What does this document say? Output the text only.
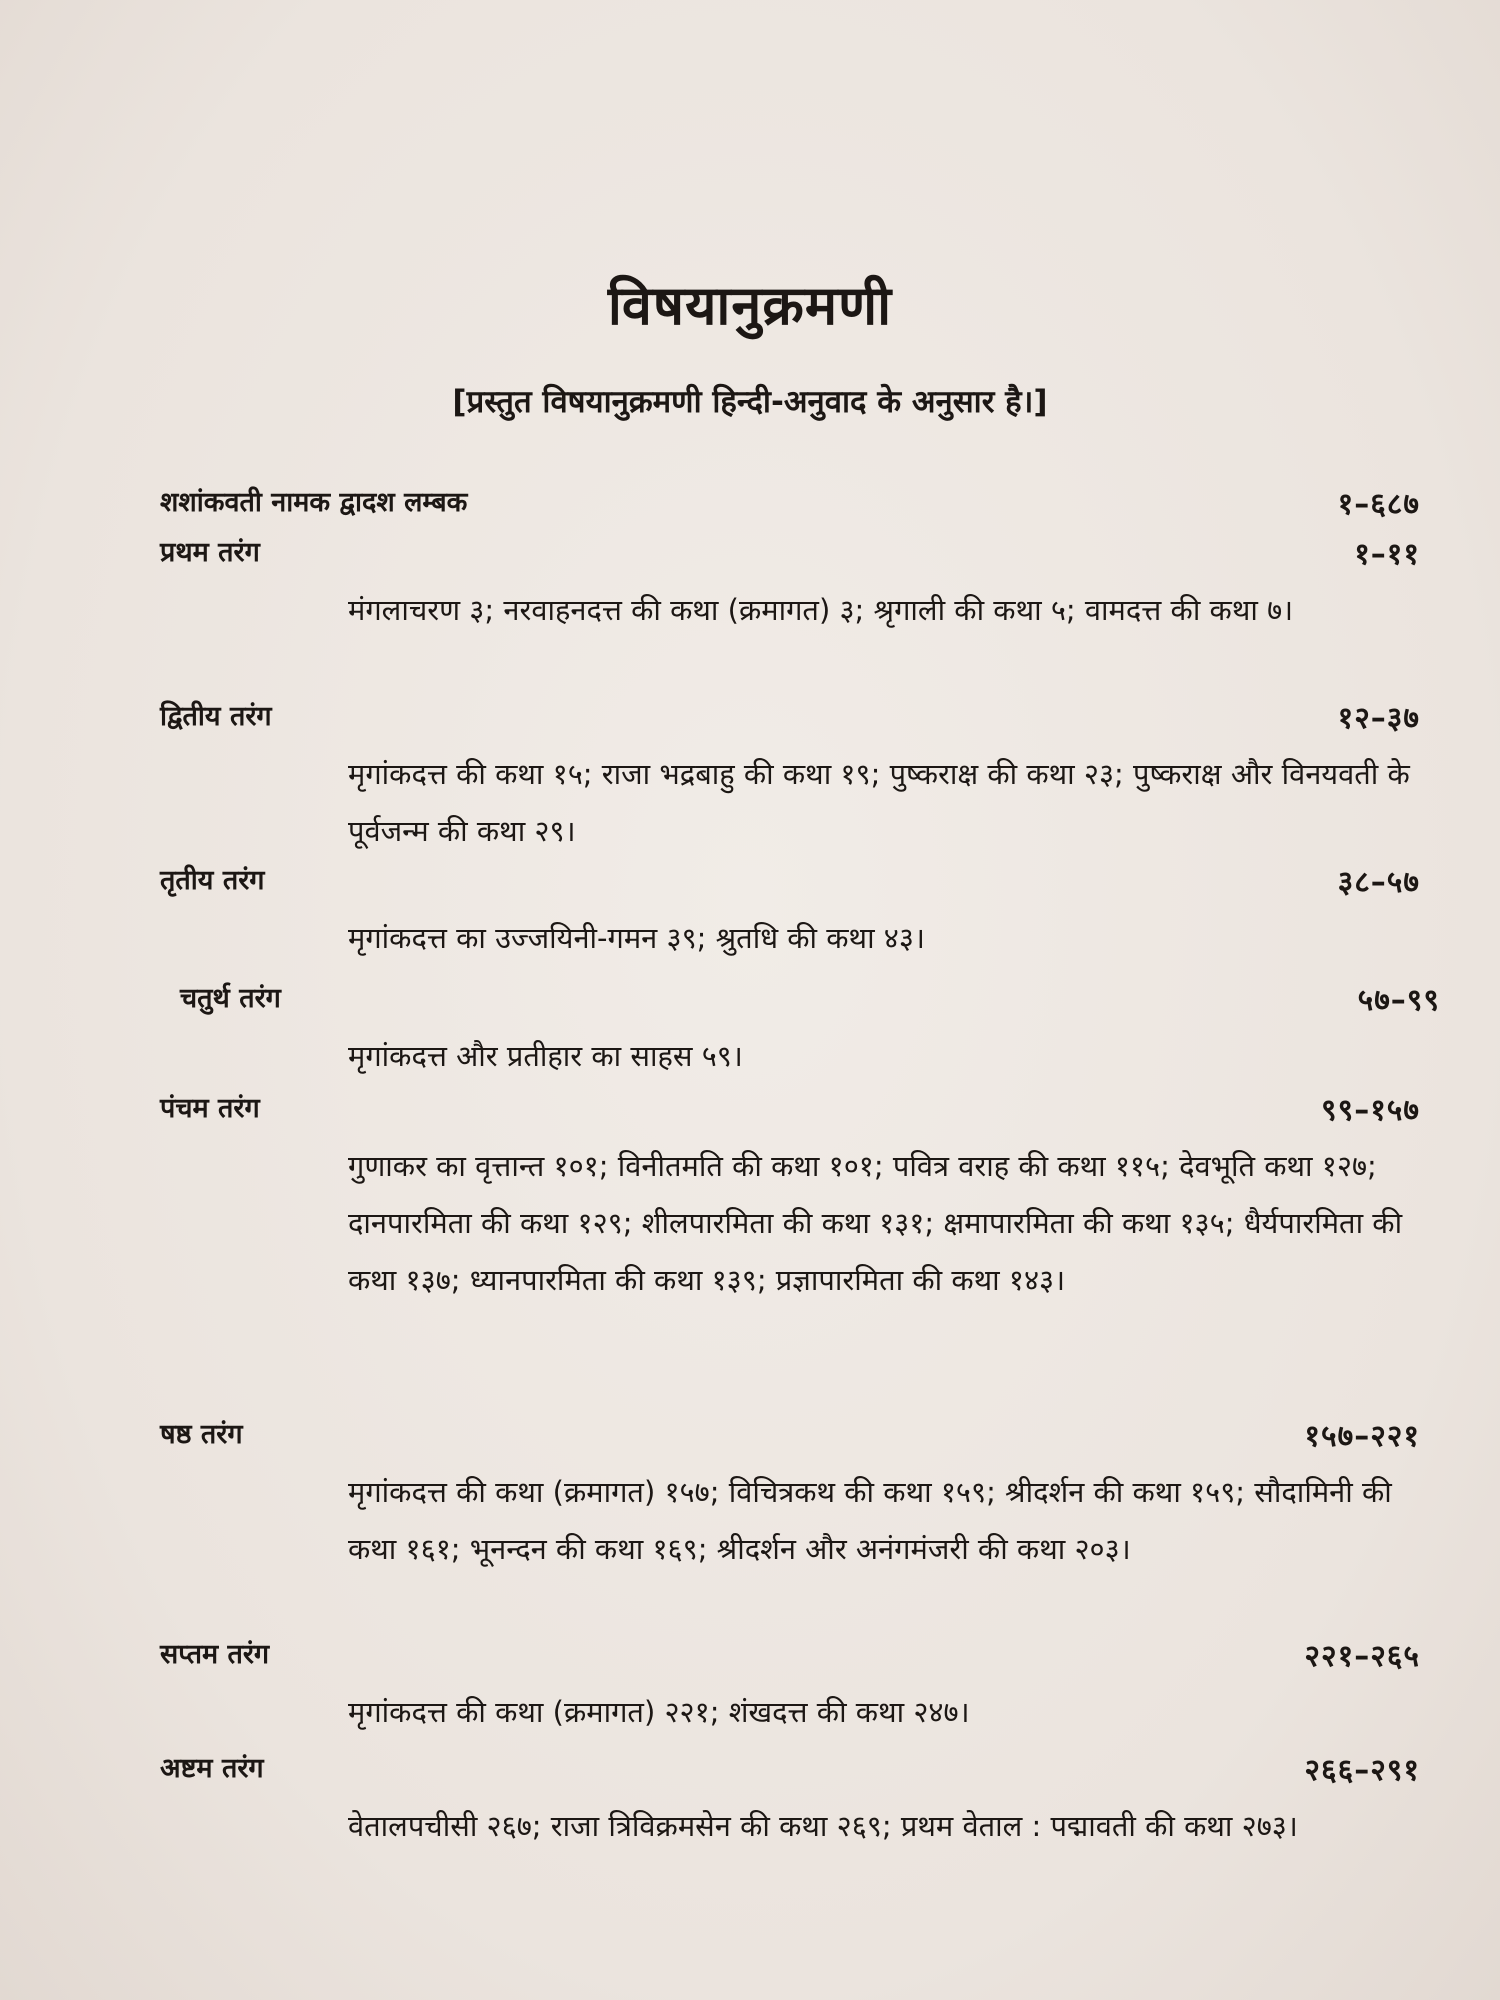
विषयानुक्रमणी
[प्रस्तुत विषयानुक्रमणी हिन्दी-अनुवाद के अनुसार है।]
शशांकवती नामक द्वादश लम्बक	१–६८७
प्रथम तरंग	१–११
मंगलाचरण ३; नरवाहनदत्त की कथा (क्रमागत) ३; श्रृगाली की कथा ५; वामदत्त की कथा ७।
द्वितीय तरंग	१२–३७
मृगांकदत्त की कथा १५; राजा भद्रबाहु की कथा १९; पुष्कराक्ष की कथा २३; पुष्कराक्ष और विनयवती के पूर्वजन्म की कथा २९।
तृतीय तरंग	३८–५७
मृगांकदत्त का उज्जयिनी-गमन ३९; श्रुतधि की कथा ४३।
चतुर्थ तरंग	५७–९९
मृगांकदत्त और प्रतीहार का साहस ५९।
पंचम तरंग	९९–१५७
गुणाकर का वृत्तान्त १०१; विनीतमति की कथा १०१; पवित्र वराह की कथा ११५; देवभूति कथा १२७; दानपारमिता की कथा १२९; शीलपारमिता की कथा १३१; क्षमापारमिता की कथा १३५; धैर्यपारमिता की कथा १३७; ध्यानपारमिता की कथा १३९; प्रज्ञापारमिता की कथा १४३।
षष्ठ तरंग	१५७–२२१
मृगांकदत्त की कथा (क्रमागत) १५७; विचित्रकथ की कथा १५९; श्रीदर्शन की कथा १५९; सौदामिनी की कथा १६१; भूनन्दन की कथा १६९; श्रीदर्शन और अनंगमंजरी की कथा २०३।
सप्तम तरंग	२२१–२६५
मृगांकदत्त की कथा (क्रमागत) २२१; शंखदत्त की कथा २४७।
अष्टम तरंग	२६६–२९१
वेतालपचीसी २६७; राजा त्रिविक्रमसेन की कथा २६९; प्रथम वेताल : पद्मावती की कथा २७३।
